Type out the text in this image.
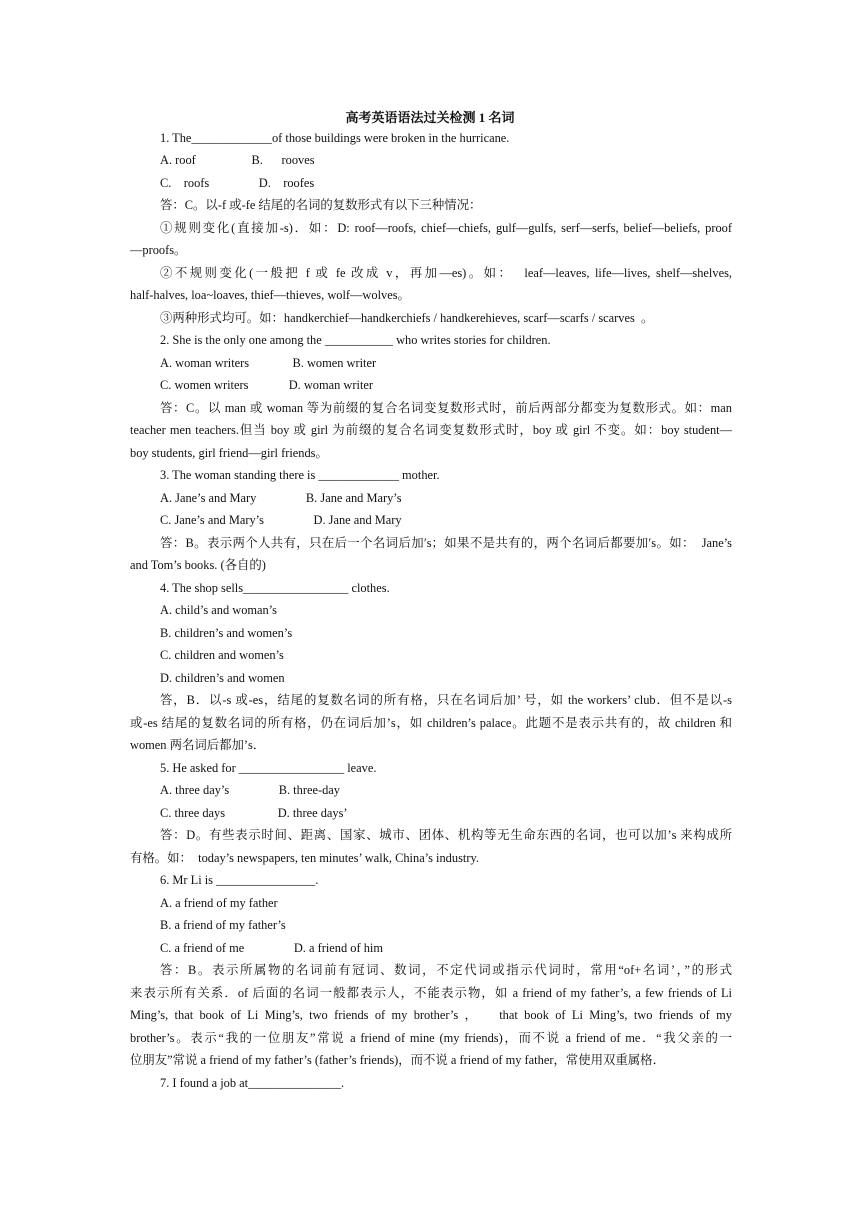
高考英语语法过关检测 1 名词
1. The_____________of those buildings were broken in the hurricane.
A. roof                  B.      rooves
C.    roofs                D.    roofes
答：C。以-f 或-fe 结尾的名词的复数形式有以下三种情况：
①规则变化(直接加-s)．如：D: roof—roofs, chief—chiefs, gulf—gulfs, serf—serfs, belief—beliefs, proof
—proofs。
②不规则变化(一般把 f 或 fe 改成 v，再加—es)。如：  leaf—leaves, life—lives, shelf—shelves,
half-halves, loa~loaves, thief—thieves, wolf—wolves。
③两种形式均可。如：handkerchief—handkerchiefs / handkerehieves, scarf—scarfs / scarves  。
2. She is the only one among the ___________ who writes stories for children.
A. woman writers              B. women writer
C. women writers             D. woman writer
答：C。以 man 或 woman 等为前缀的复合名词变复数形式时，前后两部分都变为复数形式。如：man
teacher men teachers.但当 boy 或 girl 为前缀的复合名词变复数形式时，boy 或 girl 不变。如：boy student—
boy students, girl friend—girl friends。
3. The woman standing there is _____________ mother.
A. Jane’s and Mary                B. Jane and Mary’s
C. Jane’s and Mary’s                D. Jane and Mary
答：B。表示两个人共有，只在后一个名词后加′s；如果不是共有的，两个名词后都要加′s。如：  Jane’s
and Tom’s books. (各自的)
4. The shop sells_________________ clothes.
A. child’s and woman’s
B. children’s and women’s
C. children and women’s
D. children’s and women
答，B．以-s 或-es，结尾的复数名词的所有格，只在名词后加’ 号，如 the workers’ club．但不是以-s
或-es 结尾的复数名词的所有格，仍在词后加’s，如 children’s palace。此题不是表示共有的，故 children 和
women 两名词后都加’s．
5. He asked for _________________ leave.
A. three day’s                B. three-day
C. three days                 D. three days’
答：D。有些表示时间、距离、国家、城市、团体、机构等无生命东西的名词，也可以加’s 来构成所
有格。如：  today’s newspapers, ten minutes’ walk, China’s industry.
6. Mr Li is ________________.
A. a friend of my father
B. a friend of my father’s
C. a friend of me                D. a friend of him
答：B。表示所属物的名词前有冠词、数词，不定代词或指示代词时，常用“of+名词’，”的形式
来表示所有关系．of 后面的名词一般都表示人，不能表示物，如 a friend of my father’s, a few friends of Li
Ming’s, that book of Li Ming’s, two friends of my brother’s ，   that book of Li Ming’s, two friends of my
brother’s。表示“我的一位朋友”常说 a friend of mine (my friends)，而不说 a friend of me．“我父亲的一
位朋友”常说 a friend of my father’s (father’s friends)，而不说 a friend of my father，常使用双重属格．
7. I found a job at_______________.
